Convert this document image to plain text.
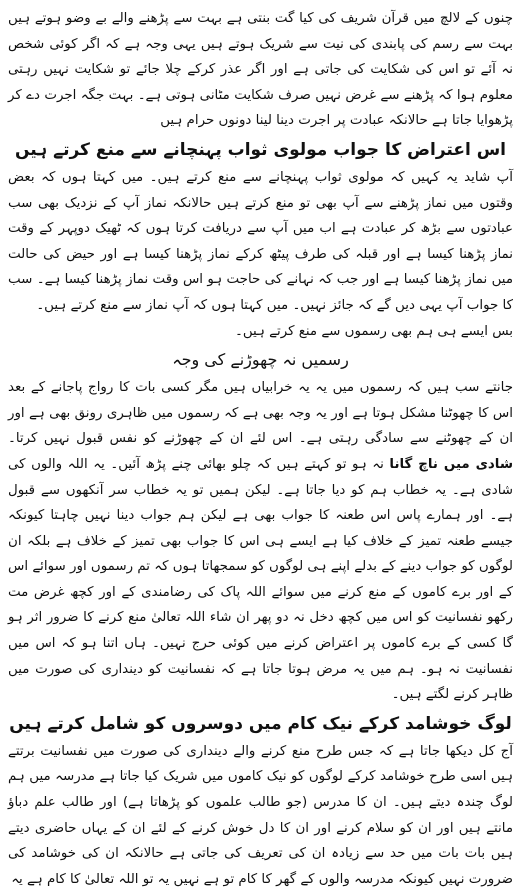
چنوں کے لالچ میں قرآن شریف کی کیا گت بنتی ہے بہت سے پڑھنے والے بے وضو ہوتے ہیں بہت سے رسم کی پابندی کی نیت سے شریک ہوتے ہیں یہی وجہ ہے کہ اگر کوئی شخص نہ آئے تو اس کی شکایت کی جاتی ہے اور اگر عذر کرکے چلا جائے تو شکایت نہیں رہتی معلوم ہوا کہ پڑھنے سے غرض نہیں صرف شکایت مٹانی ہوتی ہے۔ بہت جگہ اجرت دے کر پڑھوایا جاتا ہے حالانکہ عبادت پر اجرت دینا لینا دونوں حرام ہیں

اس اعتراض کا جواب مولوی ثواب پہنچانے سے منع کرتے ہیں

آپ شاید یہ کہیں کہ مولوی ثواب پہنچانے سے منع کرتے ہیں۔ میں کہتا ہوں کہ بعض وقتوں میں نماز پڑھنے سے آپ بھی تو منع کرتے ہیں حالانکہ نماز آپ کے نزدیک بھی سب عبادتوں سے بڑھ کر عبادت ہے اب میں آپ سے دریافت کرتا ہوں کہ ٹھیک دوپہر کے وقت نماز پڑھنا کیسا ہے اور قبلہ کی طرف پیٹھ کرکے نماز پڑھنا کیسا ہے اور حیض کی حالت میں نماز پڑھنا کیسا ہے اور جب کہ نہانے کی حاجت ہو اس وقت نماز پڑھنا کیسا ہے۔ سب کا جواب آپ یہی دیں گے کہ جائز نہیں۔ میں کہتا ہوں کہ آپ نماز سے منع کرتے ہیں۔

بس ایسے ہی ہم بھی رسموں سے منع کرتے ہیں۔

رسمیں نہ چھوڑنے کی وجہ

جانتے سب ہیں کہ رسموں میں یہ یہ خرابیاں ہیں مگر کسی بات کا رواج پاجانے کے بعد اس کا چھوٹنا مشکل ہوتا ہے اور یہ وجہ بھی ہے کہ رسموں میں ظاہری رونق بھی ہے اور ان کے چھوٹنے سے سادگی رہتی ہے۔ اس لئے ان کے چھوڑنے کو نفس قبول نہیں کرتا۔ شادی میں ناچ گانا نہ ہو تو کہتے ہیں کہ چلو بھائی چنے پڑھ آئیں۔ یہ اللہ والوں کی شادی ہے۔ یہ خطاب ہم کو دیا جاتا ہے۔ لیکن ہمیں تو یہ خطاب سر آنکھوں سے قبول ہے۔ اور ہمارے پاس اس طعنہ کا جواب بھی ہے لیکن ہم جواب دینا نہیں چاہتا کیونکہ جیسے طعنہ تمیز کے خلاف کیا ہے ایسے ہی اس کا جواب بھی تمیز کے خلاف ہے بلکہ ان لوگوں کو جواب دینے کے بدلے اپنے ہی لوگوں کو سمجھاتا ہوں کہ تم رسموں اور سوائے اس کے اور برے کاموں کے منع کرنے میں سوائے اللہ پاک کی رضامندی کے اور کچھ غرض مت رکھو نفسانیت کو اس میں کچھ دخل نہ دو پھر ان شاء اللہ تعالیٰ منع کرنے کا ضرور اثر ہو گا کسی کے برے کاموں پر اعتراض کرنے میں کوئی حرج نہیں۔ ہاں اتنا ہو کہ اس میں نفسانیت نہ ہو۔ ہم میں یہ مرض ہوتا جاتا ہے کہ نفسانیت کو دینداری کی صورت میں ظاہر کرنے لگتے ہیں۔

لوگ خوشامد کرکے نیک کام میں دوسروں کو شامل کرتے ہیں

آج کل دیکھا جاتا ہے کہ جس طرح منع کرنے والے دینداری کی صورت میں نفسانیت برتتے ہیں اسی طرح خوشامد کرکے لوگوں کو نیک کاموں میں شریک کیا جاتا ہے مدرسہ میں ہم لوگ چندہ دیتے ہیں۔ ان کا مدرس (جو طالب علموں کو پڑھاتا ہے) اور طالب علم دباؤ مانتے ہیں اور ان کو سلام کرنے اور ان کا دل خوش کرنے کے لئے ان کے یہاں حاضری دیتے ہیں بات بات میں حد سے زیادہ ان کی تعریف کی جاتی ہے حالانکہ ان کی خوشامد کی ضرورت نہیں کیونکہ مدرسہ والوں کے گھر کا کام تو ہے نہیں یہ تو اللہ تعالیٰ کا کام ہے یہ
